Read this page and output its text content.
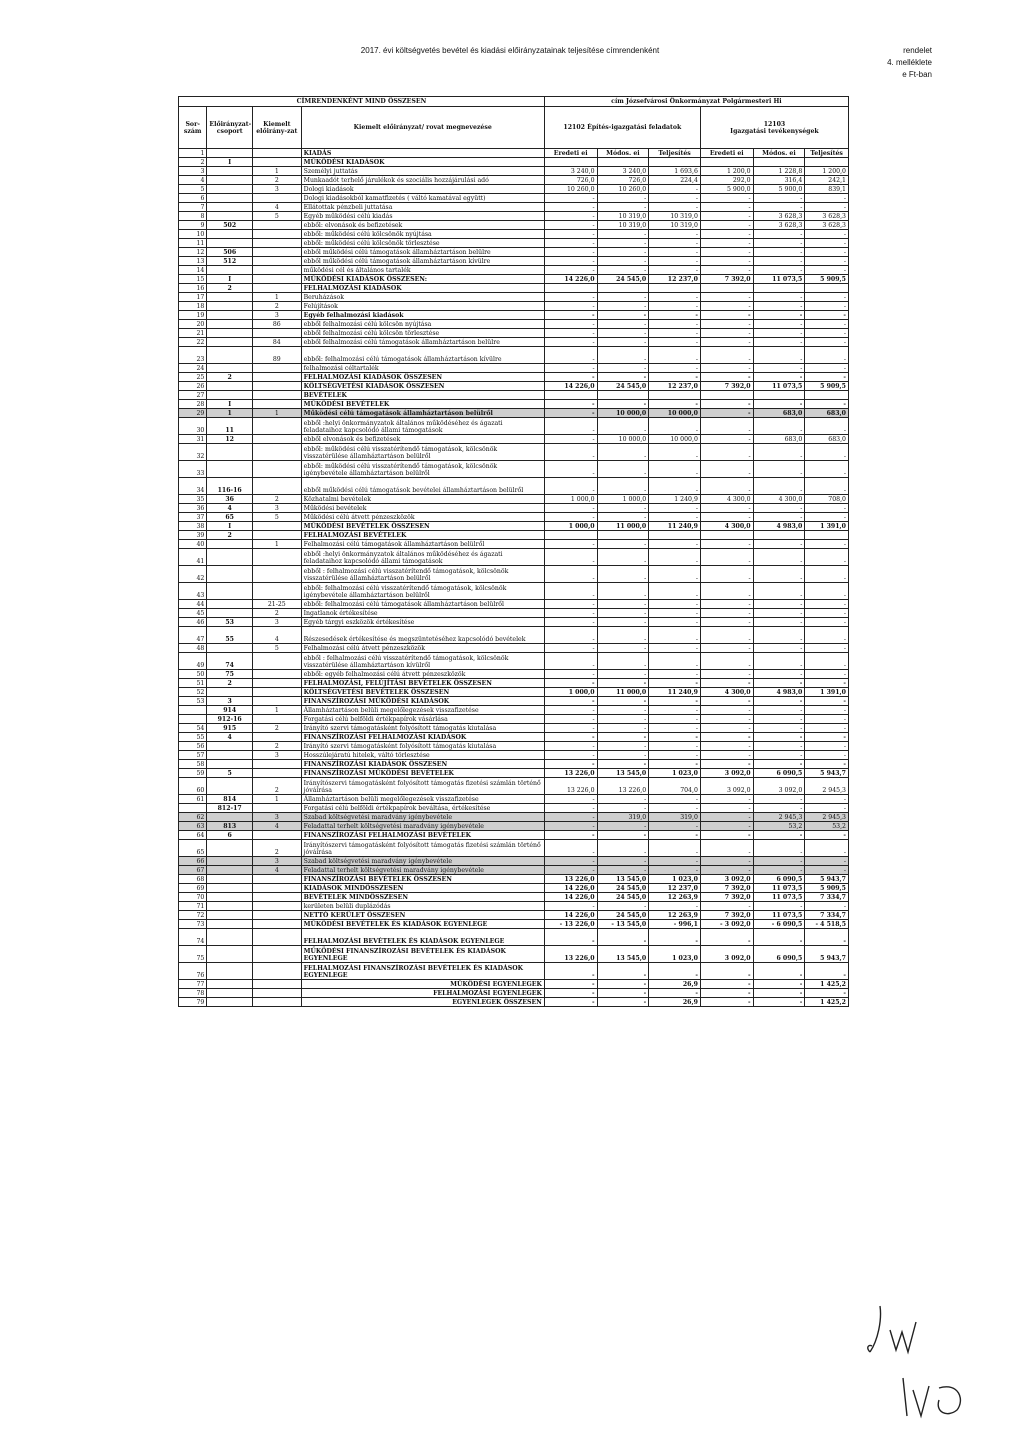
2017. évi költségvetés bevétel és kiadási előirányzatainak teljesítése címrendenként	rendelet
4. melléklete
e Ft-ban
CÍMRENDENKÉNT MIND ÖSSZESEN				cím Józsefvárosi Önkormányzat Polgármesteri Hi					
Sor-szám	Előirányzat-csoport	Kiemelt előirány-zat	Kiemelt előirányzat/ rovat megnevezése	12102 Építés-igazgatási feladatok			12103
Igazgatási tevékenységek		

1			KIADÁS	Eredeti ei	Módos. ei	Teljesítés	Eredeti ei	Módos. ei	Teljesítés
2	I		MŰKÖDÉSI KIADÁSOK						
3		1	Személyi juttatás	3 240,0	3 240,0	1 693,6	1 200,0	1 228,8	1 200,0
4		2	Munkaadót terhelő járulékok és szociális hozzájárulási adó	726,0	726,0	224,4	292,0	316,4	242,1
5		3	Dologi kiadások	10 260,0	10 260,0	-	5 900,0	5 900,0	839,1
6			Dologi kiadásokból kamatfizetés ( váltó kamatával együtt)	-	-	-	-	-	-
7		4	Ellátottak pénzbeli juttatása	-	-	-	-	-	-
8		5	Egyéb működési célú kiadás	-	10 319,0	10 319,0	-	3 628,3	3 628,3
9	502		ebből: elvonások és befizetések	-	10 319,0	10 319,0	-	3 628,3	3 628,3
10			ebből: működési célú kölcsönök nyújtása	-	-	-	-	-	-
11			ebből: működési célú kölcsönök törlesztése	-	-	-	-	-	-
12	506		ebből működési célú támogatások államháztartáson belülre	-	-	-	-	-	-
13	512		ebből működési célú támogatások államháztartáson kívülre	-	-	-	-	-	-
14			működési cél és általános tartalék	-	-	-	-	-	-
15	I		MŰKÖDÉSI KIADÁSOK ÖSSZESEN:	14 226,0	24 545,0	12 237,0	7 392,0	11 073,5	5 909,5
16	2		FELHALMOZÁSI KIADÁSOK						
17		1	Beruházások	-	-	-	-	-	-
18		2	Felújítások	-	-	-	-	-	-
19		3	Egyéb felhalmozási kiadások	-	-	-	-	-	-
20		86	ebből felhalmozási célú kölcsön nyújtása	-	-	-	-	-	-
21			ebből felhalmozási célú kölcsön törlesztése	-	-	-	-	-	-
22		84	ebből felhalmozási célú támogatások államháztartáson belülre	-	-	-	-	-	-
23		89	ebből: felhalmozási célú támogatások államháztartáson kívülre	-	-	-	-	-	-
24			felhalmozási céltartalék	-	-	-	-	-	-
25	2		FELHALMOZÁSI KIADÁSOK ÖSSZESEN	-	-	-	-	-	-
26			KÖLTSÉGVETÉSI KIADÁSOK ÖSSZESEN	14 226,0	24 545,0	12 237,0	7 392,0	11 073,5	5 909,5
27			BEVÉTELEK						
28	I		MŰKÖDÉSI BEVÉTELEK	-	-	-	-	-	-
29	1	1	Működési célú támogatások államháztartáson belülről	-	10 000,0	10 000,0	-	683,0	683,0
30	11		ebből :helyi önkormányzatok általános működéséhez és ágazati feladataihoz kapcsolódó állami támogatások	-	-	-	-	-	-
31	12		ebből elvonások és befizetések	-	10 000,0	10 000,0	-	683,0	683,0
32			ebből: működési célú visszatérítendő támogatások, kölcsönök visszatérülése államháztartáson belülről	-	-	-	-	-	-
33			ebből: működési célú visszatérítendő támogatások, kölcsönök igénybevétele államháztartáson belülről	-	-	-	-	-	-
34	116-16		ebből működési célú támogatások bevételei államháztartáson belülről	-	-	-	-	-	-
35	36	2	Közhatalmi bevételek	1 000,0	1 000,0	1 240,9	4 300,0	4 300,0	708,0
36	4	3	Működési bevételek	-	-	-	-	-	-
37	65	5	Működési célú átvett pénzeszközök	-	-	-	-	-	-
38	I		MŰKÖDÉSI BEVÉTELEK ÖSSZESEN	1 000,0	11 000,0	11 240,9	4 300,0	4 983,0	1 391,0
39	2		FELHALMOZÁSI BEVÉTELEK						
40		1	Felhalmozási célú támogatások államháztartáson belülről	-	-	-	-	-	-
41			ebből :helyi önkormányzatok általános működéséhez és ágazati feladataihoz kapcsolódó állami támogatások	-	-	-	-	-	-
42			ebből : felhalmozási célú visszatérítendő támogatások, kölcsönök visszatérülése államháztartáson belülről	-	-	-	-	-	-
43			ebből: felhalmozási célú visszatérítendő támogatások, kölcsönök igénybevétele államháztartáson belülről	-	-	-	-	-	-
44		21-25	ebből: felhalmozási célú támogatások államháztartáson belülről	-	-	-	-	-	-
45		2	Ingatlanok értékesítése	-	-	-	-	-	-
46	53	3	Egyéb tárgyi eszközök értékesítése	-	-	-	-	-	-
47	55	4	Részesedések értékesítése és megszüntetéséhez kapcsolódó bevételek	-	-	-	-	-	-
48		5	Felhalmozási célú átvett pénzeszközök	-	-	-	-	-	-
49	74		ebből : felhalmozási célú visszatérítendő támogatások, kölcsönök visszatérülése államháztartáson kívülről	-	-	-	-	-	-
50	75		ebből: egyéb felhalmozási célú átvett pénzeszközök	-	-	-	-	-	-
51	2		FELHALMOZÁSI, FELÚJÍTÁSI BEVÉTELEK ÖSSZESEN	-	-	-	-	-	-
52			KÖLTSÉGVETÉSI BEVÉTELEK ÖSSZESEN	1 000,0	11 000,0	11 240,9	4 300,0	4 983,0	1 391,0
53	3		FINANSZÍROZÁSI MŰKÖDÉSI KIADÁSOK	-	-	-	-	-	-
	914	1	Államháztartáson belüli megelőlegezések visszafizetése	-	-	-	-	-	-
	912-16		Forgatási célú belföldi értékpapírok vásárlása	-	-	-	-	-	-
54	915	2	Irányító szervi támogatásként folyósított támogatás kiutalása	-	-	-	-	-	-
55	4		FINANSZÍROZÁSI FELHALMOZÁSI KIADÁSOK	-	-	-	-	-	-
56		2	Irányító szervi támogatásként folyósított támogatás kiutalása	-	-	-	-	-	-
57		3	Hosszúlejáratú hitelek, váltó törlesztése	-	-	-	-	-	-
58			FINANSZÍROZÁSI KIADÁSOK ÖSSZESEN	-	-	-	-	-	-
59	5		FINANSZÍROZÁSI MŰKÖDÉSI BEVÉTELEK	13 226,0	13 545,0	1 023,0	3 092,0	6 090,5	5 943,7
60		2	Irányítószervi támogatásként folyósított támogatás fizetési számlán történő jóváírása	13 226,0	13 226,0	704,0	3 092,0	3 092,0	2 945,3
61	814	1	Államháztartáson belüli megelőlegezések visszafizetése	-	-	-	-	-	-
	812-17		Forgatási célú belföldi értékpapírok beváltása, értékesítése	-	-	-	-	-	-
62		3	Szabad költségvetési maradvány igénybevétele	-	319,0	319,0	-	2 945,3	2 945,3
63	813	4	Feladattal terhelt költségvetési maradvány igénybevétele	-	-	-	-	53,2	53,2
64	6		FINANSZÍROZÁSI FELHALMOZÁSI BEVÉTELEK	-	-	-	-	-	-
65		2	Irányítószervi támogatásként folyósított támogatás fizetési számlán történő jóváírása	-	-	-	-	-	-
66		3	Szabad költségvetési maradvány igénybevétele	-	-	-	-	-	-
67		4	Feladattal terhelt költségvetési maradvány igénybevétele	-	-	-	-	-	-
68			FINANSZÍROZÁSI BEVÉTELEK ÖSSZESEN	13 226,0	13 545,0	1 023,0	3 092,0	6 090,5	5 943,7
69			KIADÁSOK MINDÖSSZESEN	14 226,0	24 545,0	12 237,0	7 392,0	11 073,5	5 909,5
70			BEVÉTELEK MINDÖSSZESEN	14 226,0	24 545,0	12 263,9	7 392,0	11 073,5	7 334,7
71			kerületen belüli duplázódás	-	-	-	-	-	-
72			NETTÓ KERÜLET ÖSSZESEN	14 226,0	24 545,0	12 263,9	7 392,0	11 073,5	7 334,7
73			MŰKÖDÉSI BEVÉTELEK ÉS KIADÁSOK EGYENLEGE	- 13 226,0	- 13 545,0	- 996,1	- 3 092,0	- 6 090,5	- 4 518,5
74			FELHALMOZÁSI BEVÉTELEK ÉS KIADÁSOK EGYENLEGE	-	-	-	-	-	-
75			MŰKÖDÉSI FINANSZÍROZÁSI BEVÉTELEK ÉS KIADÁSOK EGYENLEGE	13 226,0	13 545,0	1 023,0	3 092,0	6 090,5	5 943,7
76			FELHALMOZÁSI FINANSZÍROZÁSI BEVÉTELEK ÉS KIADÁSOK EGYENLEGE	-	-	-	-	-	-
77			MŰKÖDÉSI EGYENLEGEK	-	-	26,9	-	-	1 425,2
78			FELHALMOZÁSI EGYENLEGEK	-	-	-	-	-	-
79			EGYENLEGEK ÖSSZESEN	-	-	26,9	-	-	1 425,2
